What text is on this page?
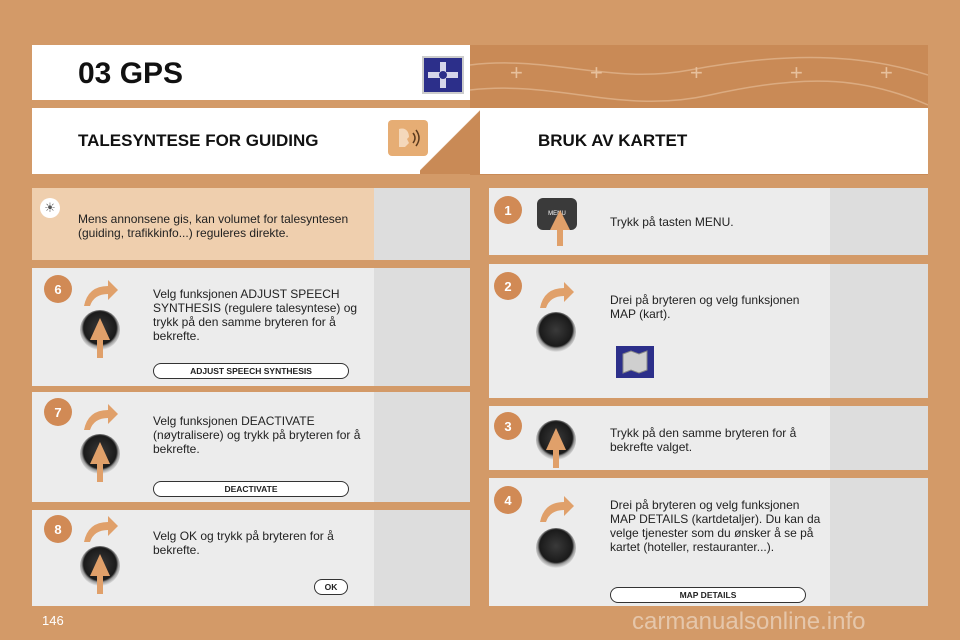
+	+	+	+	+
03 GPS
TALESYNTESE FOR GUIDING	BRUK AV KARTET
☀
Mens annonsene gis, kan volumet for talesyntesen (guiding, trafikkinfo...) reguleres direkte.
6	Velg funksjonen ADJUST SPEECH SYNTHESIS (regulere talesyntese) og trykk på den samme bryteren for å bekrefte.
ADJUST SPEECH SYNTHESIS
7
Velg funksjonen DEACTIVATE (nøytralisere) og trykk på bryteren for å bekrefte.
DEACTIVATE
8	Velg OK og trykk på bryteren for å bekrefte.
OK
1	MENU
Trykk på tasten MENU.
2
Drei på bryteren og velg funksjonen MAP (kart).
3	Trykk på den samme bryteren for å bekrefte valget.
4	Drei på bryteren og velg funksjonen MAP DETAILS (kartdetaljer). Du kan da velge tjenester som du ønsker å se på kartet (hoteller, restauranter...).
MAP DETAILS
146	carmanualsonline.info
